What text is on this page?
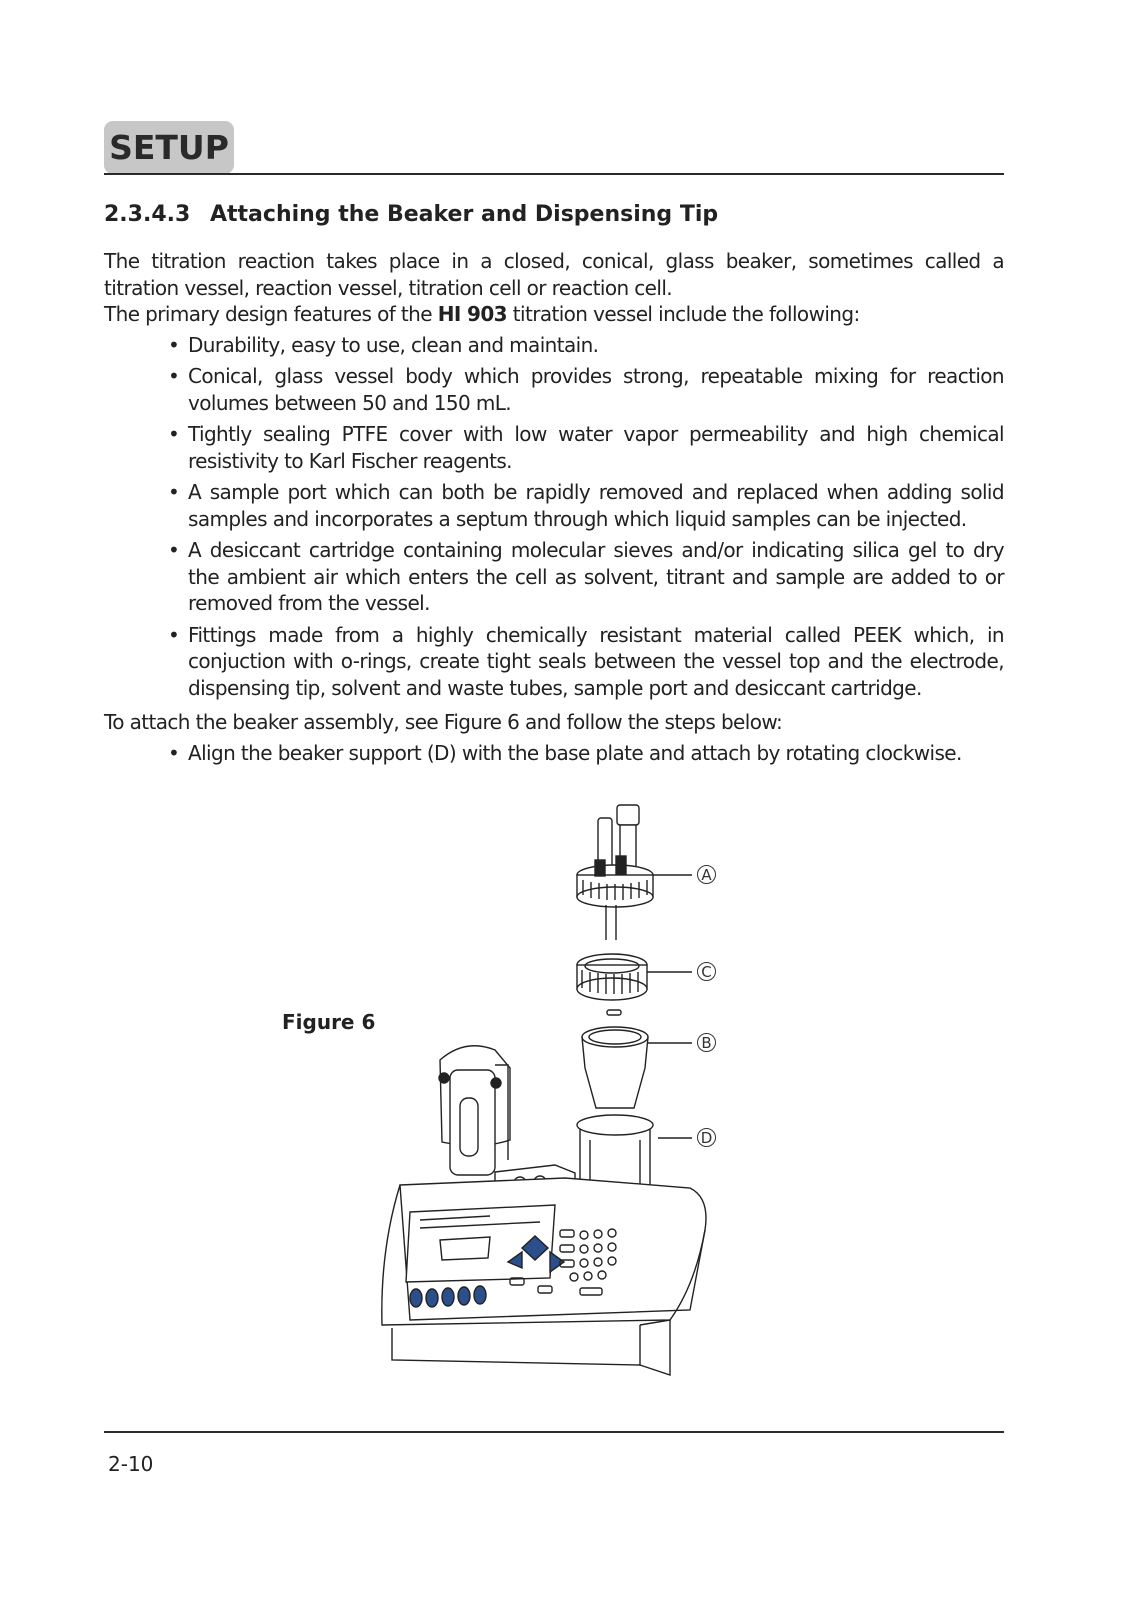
SETUP
2.3.4.3 Attaching the Beaker and Dispensing Tip

The titration reaction takes place in a closed, conical, glass beaker, sometimes called a titration vessel, reaction vessel, titration cell or reaction cell.

The primary design features of the HI 903 titration vessel include the following:

• Durability, easy to use, clean and maintain.
• Conical, glass vessel body which provides strong, repeatable mixing for reaction volumes between 50 and 150 mL.
• Tightly sealing PTFE cover with low water vapor permeability and high chemical resistivity to Karl Fischer reagents.
• A sample port which can both be rapidly removed and replaced when adding solid samples and incorporates a septum through which liquid samples can be injected.
• A desiccant cartridge containing molecular sieves and/or indicating silica gel to dry the ambient air which enters the cell as solvent, titrant and sample are added to or removed from the vessel.
• Fittings made from a highly chemically resistant material called PEEK which, in conjuction with o-rings, create tight seals between the vessel top and the electrode, dispensing tip, solvent and waste tubes, sample port and desiccant cartridge.

To attach the beaker assembly, see Figure 6 and follow the steps below:

• Align the beaker support (D) with the base plate and attach by rotating clockwise.
Figure 6
A
C
B
D
2-10
